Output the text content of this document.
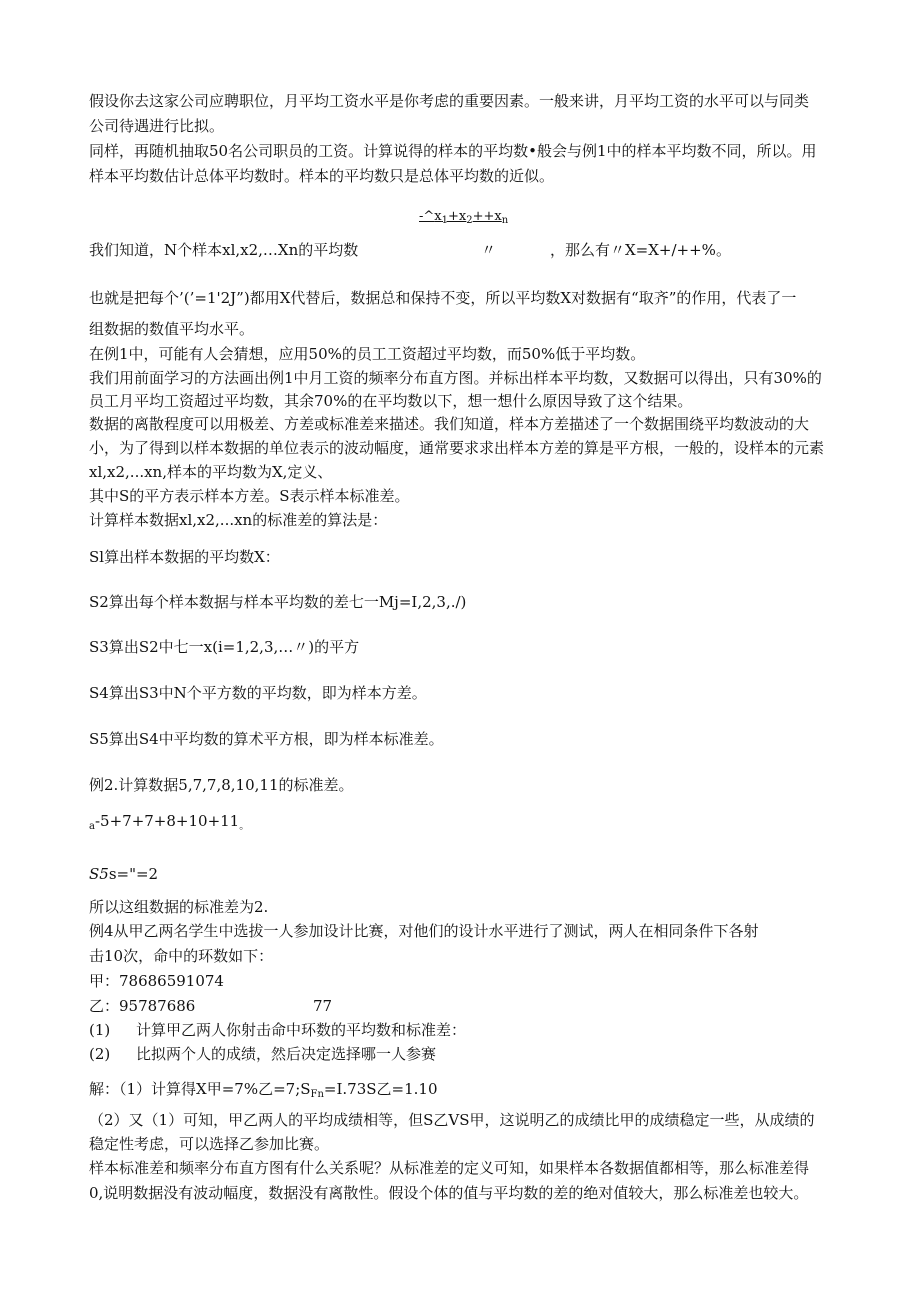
假设你去这家公司应聘职位，月平均工资水平是你考虑的重要因素。一般来讲，月平均工资的水平可以与同类
公司待遇进行比拟。
同样，再随机抽取50名公司职员的工资。计算说得的样本的平均数•般会与例1中的样本平均数不同，所以。用
样本平均数估计总体平均数时。样本的平均数只是总体平均数的近似。
$-\^{}x_1+x_2++x_n$
我们知道，N个样本xl,x2,…Xn的平均数	〃	，那么有〃X=X+/++%。
也就是把每个’(’=1'2J”)都用X代替后，数据总和保持不变，所以平均数X对数据有“取齐”的作用，代表了一
组数据的数值平均水平。
在例1中，可能有人会猜想，应用50%的员工工资超过平均数，而50%低于平均数。
我们用前面学习的方法画出例1中月工资的频率分布直方图。并标出样本平均数，又数据可以得出，只有30%的
员工月平均工资超过平均数，其余70%的在平均数以下，想一想什么原因导致了这个结果。
数据的离散程度可以用极差、方差或标准差来描述。我们知道，样本方差描述了一个数据围绕平均数波动的大
小，为了得到以样本数据的单位表示的波动幅度，通常要求求出样本方差的算是平方根，一般的，设样本的元素
xl,x2,...xn,样本的平均数为X,定义、
其中S的平方表示样本方差。S表示样本标准差。
计算样本数据xl,x2,...xn的标准差的算法是：
Sl算出样本数据的平均数X：
S2算出每个样本数据与样本平均数的差七一Mj=I,2,3,./)
S3算出S2中七一x(i=1,2,3,…〃)的平方
S4算出S3中N个平方数的平均数，即为样本方差。
S5算出S4中平均数的算术平方根，即为样本标准差。
例2.计算数据5,7,7,8,10,11的标准差。
$_a-5+7+7+8+10+11_。$
S5s="=2
所以这组数据的标准差为2.
例4从甲乙两名学生中选拔一人参加设计比赛，对他们的设计水平进行了测试，两人在相同条件下各射
击10次，命中的环数如下：
甲：78686591074
乙：95787686	77
(1) 计算甲乙两人你射击命中环数的平均数和标准差：
(2) 比拟两个人的成绩，然后决定选择哪一人参赛
解：（1）计算得X甲=7%乙$=7;S_{Fn}=I.73S$乙=1.10
（2）又（1）可知，甲乙两人的平均成绩相等，但S乙VS甲，这说明乙的成绩比甲的成绩稳定一些，从成绩的
稳定性考虑，可以选择乙参加比赛。
样本标准差和频率分布直方图有什么关系呢？从标准差的定义可知，如果样本各数据值都相等，那么标准差得
0,说明数据没有波动幅度，数据没有离散性。假设个体的值与平均数的差的绝对值较大，那么标准差也较大。
